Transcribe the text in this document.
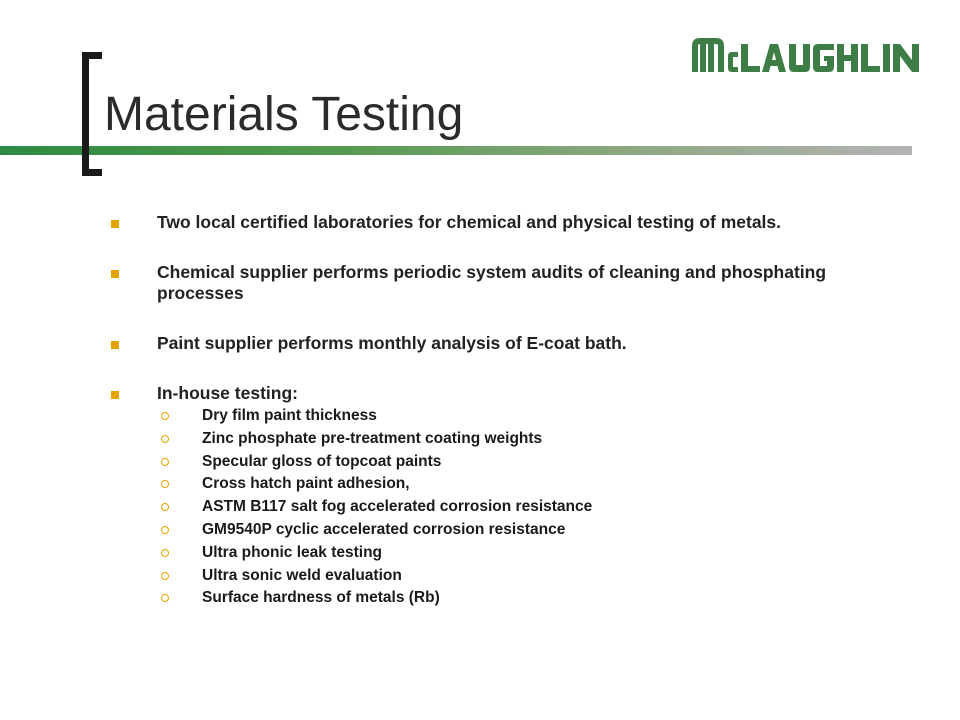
Materials Testing
Two local certified laboratories for chemical and physical testing of metals.
Chemical supplier performs periodic system audits of cleaning and phosphating processes
Paint supplier performs monthly analysis of E-coat bath.
In-house testing:
Dry film paint thickness
Zinc phosphate pre-treatment coating weights
Specular gloss of topcoat paints
Cross hatch paint adhesion,
ASTM B117 salt fog accelerated corrosion resistance
GM9540P cyclic accelerated corrosion resistance
Ultra phonic leak testing
Ultra sonic weld evaluation
Surface hardness of metals (Rb)
